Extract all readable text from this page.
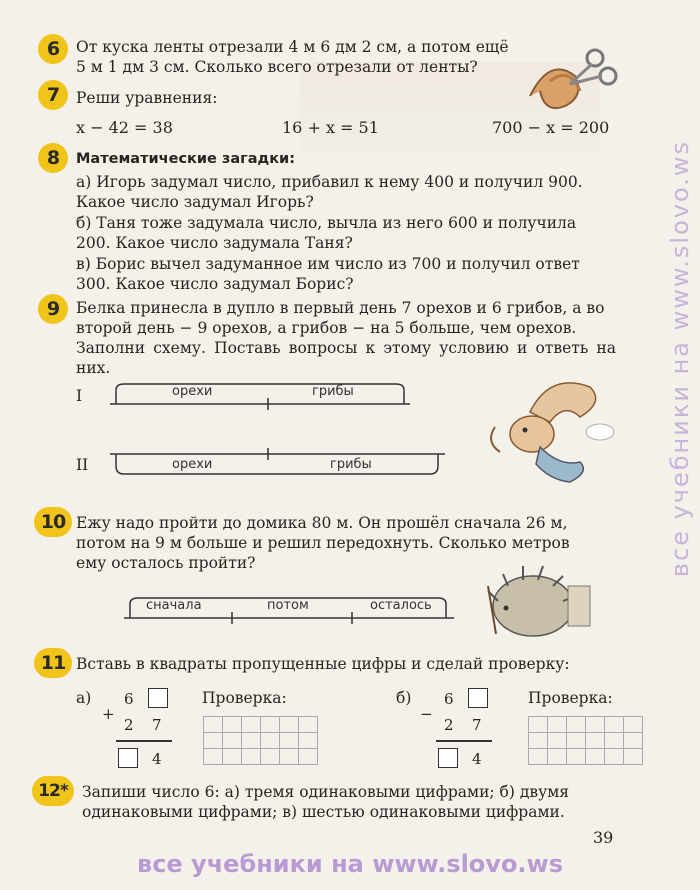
6	От куска ленты отрезали 4 м 6 дм 2 см, а потом ещё
5 м 1 дм 3 см. Сколько всего отрезали от ленты?
7	Реши уравнения:
x − 42 = 38	16 + x = 51	700 − x = 200
8	Математические загадки:
а) Игорь задумал число, прибавил к нему 400 и получил 900.
Какое число задумал Игорь?
б) Таня тоже задумала число, вычла из него 600 и получила
200. Какое число задумала Таня?
в) Борис вычел задуманное им число из 700 и получил ответ
300. Какое число задумал Борис?
9	Белка принесла в дупло в первый день 7 орехов и 6 грибов, а во
второй день − 9 орехов, а грибов − на 5 больше, чем орехов.
Заполни схему. Поставь вопросы к этому условию и ответь на них.
I	орехи	грибы
II	орехи	грибы
10 Ежу надо пройти до домика 80 м. Он прошёл сначала 26 м,
потом на 9 м больше и решил передохнуть. Сколько метров
ему осталось пройти?
сначала	потом	осталось
11 Вставь в квадраты пропущенные цифры и сделай проверку:
а)
+
6
2 7
4
Проверка:

						б)
−
6
2 7
4
Проверка:

12* Запиши число 6: а) тремя одинаковыми цифрами; б) двумя
одинаковыми цифрами; в) шестью одинаковыми цифрами.
39
все учебники на www.slovo.ws
все учебники на www.slovo.ws
